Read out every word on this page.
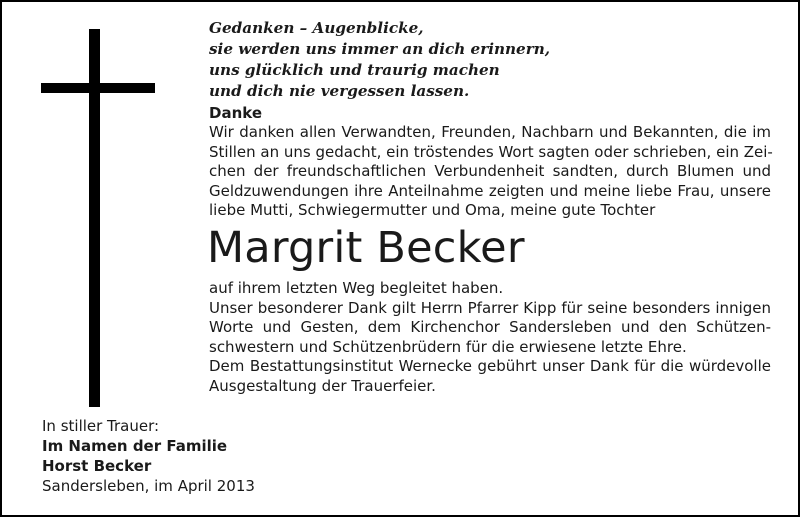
Gedanken – Augenblicke,
sie werden uns immer an dich erinnern,
uns glücklich und traurig machen
und dich nie vergessen lassen.
Danke
Wir danken allen Verwandten, Freunden, Nachbarn und Bekannten, die im
Stillen an uns gedacht, ein tröstendes Wort sagten oder schrieben, ein Zei-
chen der freundschaftlichen Verbundenheit sandten, durch Blumen und
Geldzuwendungen ihre Anteilnahme zeigten und meine liebe Frau, unsere
liebe Mutti, Schwiegermutter und Oma, meine gute Tochter
Margrit Becker
auf ihrem letzten Weg begleitet haben.
Unser besonderer Dank gilt Herrn Pfarrer Kipp für seine besonders innigen
Worte und Gesten, dem Kirchenchor Sandersleben und den Schützen-
schwestern und Schützenbrüdern für die erwiesene letzte Ehre.
Dem Bestattungsinstitut Wernecke gebührt unser Dank für die würdevolle
Ausgestaltung der Trauerfeier.
In stiller Trauer:
Im Namen der Familie
Horst Becker
Sandersleben, im April 2013
